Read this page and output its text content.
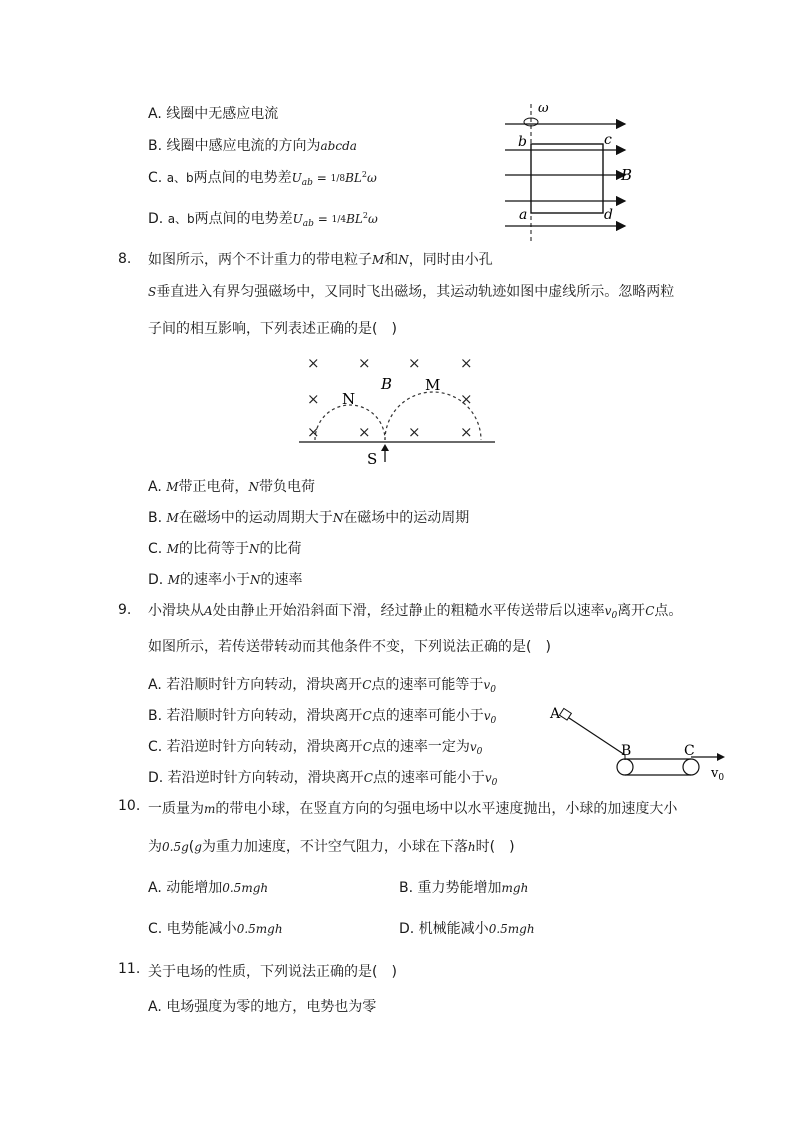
A. 线圈中无感应电流
B. 线圈中感应电流的方向为abcda
C. a、b两点间的电势差$U_{ab} = 1/8BL^2\omega$
D. a、b两点间的电势差$U_{ab} = 1/4BL^2\omega$
ω
b	c
a	d
B
8. 如图所示，两个不计重力的带电粒子M和N，同时由小孔
S垂直进入有界匀强磁场中，又同时飞出磁场，其运动轨迹如图中虚线所示。忽略两粒
子间的相互影响，下列表述正确的是(　)
×	× ×	×
×	×
×	× ×	×
B
N
M
S
A. M带正电荷，N带负电荷
B. M在磁场中的运动周期大于N在磁场中的运动周期
C. M的比荷等于N的比荷
D. M的速率小于N的速率
9. 小滑块从A处由静止开始沿斜面下滑，经过静止的粗糙水平传送带后以速率$v_0$离开C点。
如图所示，若传送带转动而其他条件不变，下列说法正确的是(　)
A. 若沿顺时针方向转动，滑块离开C点的速率可能等于$v_0$
B. 若沿顺时针方向转动，滑块离开C点的速率可能小于$v_0$
C. 若沿逆时针方向转动，滑块离开C点的速率一定为$v_0$
D. 若沿逆时针方向转动，滑块离开C点的速率可能小于$v_0$
A
B	C
$v_0$
10. 一质量为m的带电小球，在竖直方向的匀强电场中以水平速度抛出，小球的加速度大小
为0.5g(g为重力加速度，不计空气阻力，小球在下落h时(　)
A. 动能增加0.5mgh	B. 重力势能增加mgh
C. 电势能减小0.5mgh	D. 机械能减小0.5mgh
11. 关于电场的性质，下列说法正确的是(　)
A. 电场强度为零的地方，电势也为零
